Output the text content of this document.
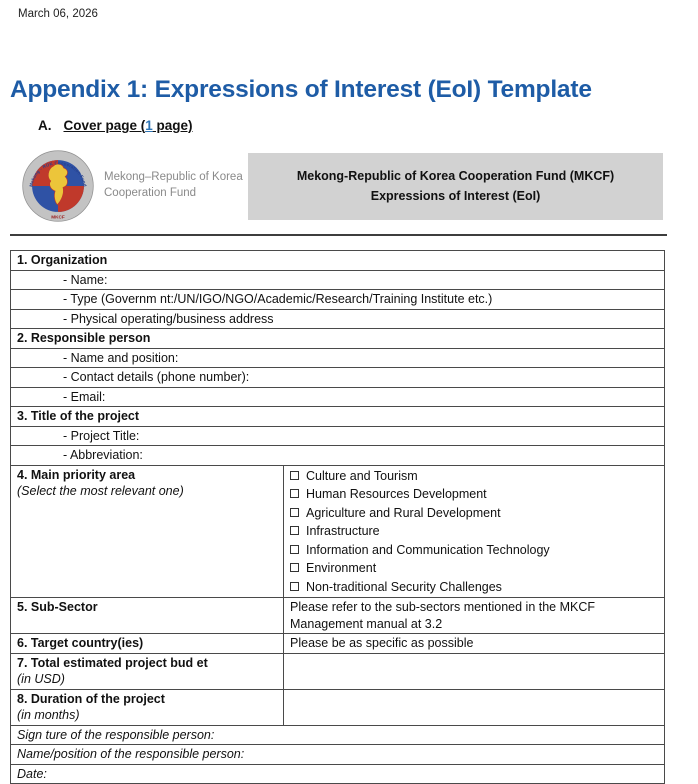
March 06, 2026
Appendix 1: Expressions of Interest (EoI) Template
A. Cover page (1 page)
Mekong - ROK Cooperation Fund
MKCF
Mekong–Republic of Korea
Cooperation Fund
Mekong-Republic of Korea Cooperation Fund (MKCF)
Expressions of Interest (EoI)
1. Organization	
- Name:	
- Type (Governm nt:/UN/IGO/NGO/Academic/Research/Training Institute etc.)	
- Physical operating/business address	
2. Responsible person	
- Name and position:	
- Contact details (phone number):	
- Email:	
3. Title of the project	
- Project Title:	
- Abbreviation:	

4. Main priority area
(Select the most relevant one)

Culture and Tourism
Human Resources Development
Agriculture and Rural Development
Infrastructure
Information and Communication Technology
Environment
Non-traditional Security Challenges

5. Sub-Sector	Please refer to the sub-sectors mentioned in the MKCF Management manual at 3.2
6. Target country(ies)	Please be as specific as possible

7. Total estimated project bud et
(in USD)	

8. Duration of the project
(in months)	

Sign ture of the responsible person:	
Name/position of the responsible person:	
Date:	
